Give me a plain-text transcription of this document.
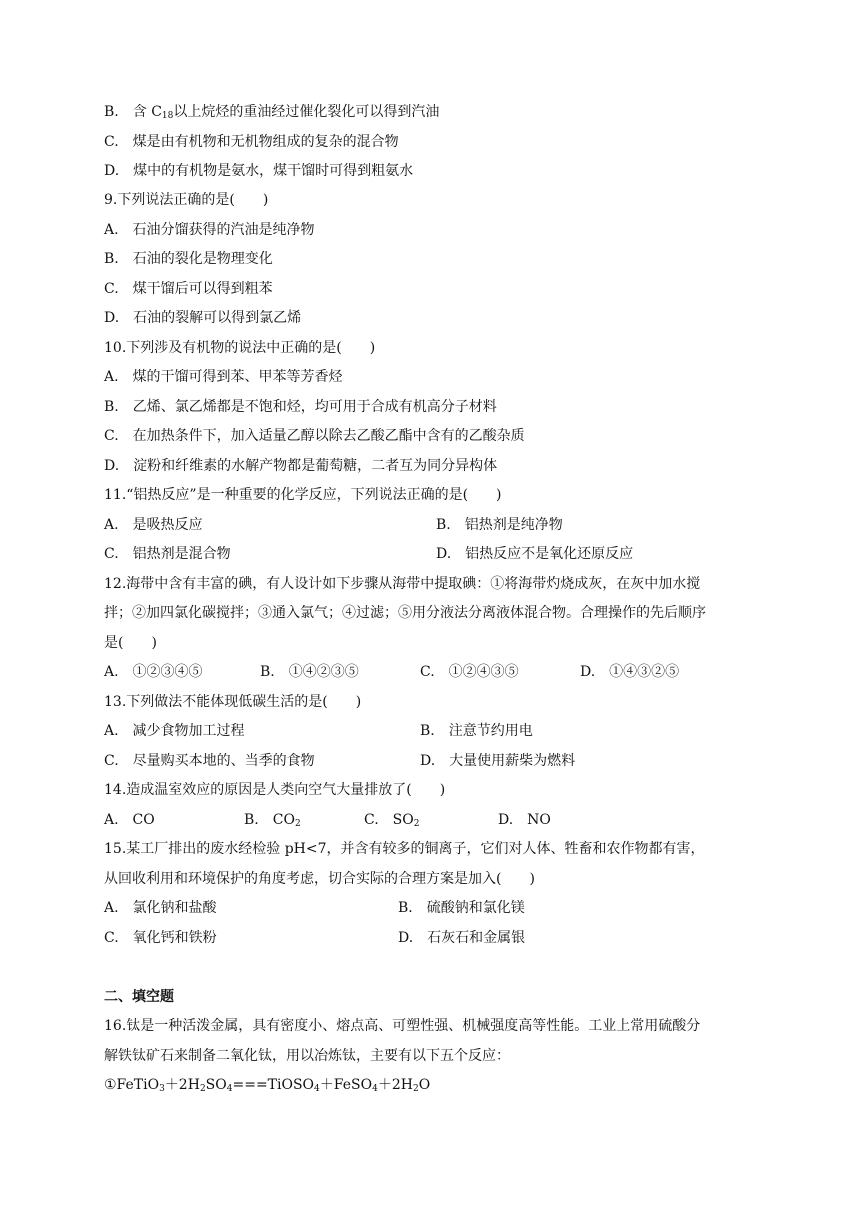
B.　含 $C_{18}$以上烷烃的重油经过催化裂化可以得到汽油
C.　煤是由有机物和无机物组成的复杂的混合物
D.　煤中的有机物是氨水，煤干馏时可得到粗氨水
9.下列说法正确的是(　　)
A.　石油分馏获得的汽油是纯净物
B.　石油的裂化是物理变化
C.　煤干馏后可以得到粗苯
D.　石油的裂解可以得到氯乙烯
10.下列涉及有机物的说法中正确的是(　　)
A.　煤的干馏可得到苯、甲苯等芳香烃
B.　乙烯、氯乙烯都是不饱和烃，均可用于合成有机高分子材料
C.　在加热条件下，加入适量乙醇以除去乙酸乙酯中含有的乙酸杂质
D.　淀粉和纤维素的水解产物都是葡萄糖，二者互为同分异构体
11.“铝热反应”是一种重要的化学反应，下列说法正确的是(　　)
A.　是吸热反应	B.　铝热剂是纯净物
C.　铝热剂是混合物	D.　铝热反应不是氧化还原反应
12.海带中含有丰富的碘，有人设计如下步骤从海带中提取碘：①将海带灼烧成灰，在灰中加水搅
拌；②加四氯化碳搅拌；③通入氯气；④过滤；⑤用分液法分离液体混合物。合理操作的先后顺序
是(　　)
A.　①②③④⑤	B.　①④②③⑤	C.　①②④③⑤	D.　①④③②⑤
13.下列做法不能体现低碳生活的是(　　)
A.　减少食物加工过程	B.　注意节约用电
C.　尽量购买本地的、当季的食物	D.　大量使用薪柴为燃料
14.造成温室效应的原因是人类向空气大量排放了(　　)
A.　CO	B.　$CO_2$	C.　$SO_2$	D.　NO
15.某工厂排出的废水经检验 pH<7，并含有较多的铜离子，它们对人体、牲畜和农作物都有害，
从回收利用和环境保护的角度考虑，切合实际的合理方案是加入(　　)
A.　氯化钠和盐酸	B.　硫酸钠和氯化镁
C.　氧化钙和铁粉	D.　石灰石和金属银
二、填空题
16.钛是一种活泼金属，具有密度小、熔点高、可塑性强、机械强度高等性能。工业上常用硫酸分
解铁钛矿石来制备二氧化钛，用以冶炼钛，主要有以下五个反应：
$①FeTiO_3+2H_2SO_4===TiOSO_4+FeSO_4+2H_2O$
